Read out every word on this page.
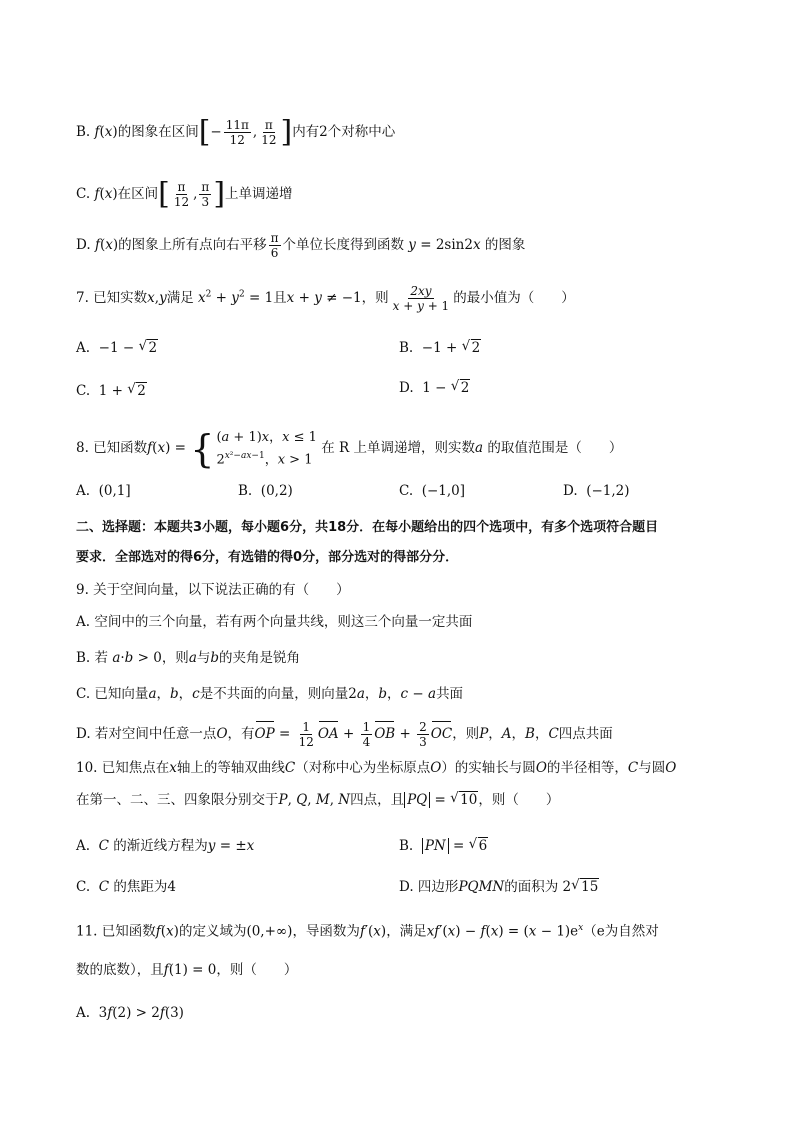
B. f(x)的图象在区间[− $\frac{11\pi}{12}$ , $\frac{\pi}{12}$ ]内有2个对称中心
C. f(x)在区间[ $\frac{\pi}{12}$ , $\frac{\pi}{3}$ ]上单调递增
D. f(x)的图象上所有点向右平移 $\frac{\pi}{6}$ 个单位长度得到函数 y = 2sin2x 的图象
7. 已知实数x,y满足 $x^2 + y^2 = 1$且x + y ≠ −1，则 $\frac{2xy}{x + y + 1}$ 的最小值为（　　）
A.  −1 − √ 2	B.  −1 + √ 2
C.  1 + √ 2	D.  1 − √ 2
8. 已知函数f(x) = { (a + 1)x，x ≤ 1
$2^{x^2-ax-1}$，x > 1
在 R 上单调递增，则实数a 的取值范围是（　　）
A.  (0,1]	B.  (0,2)	C.  (−1,0]	D.  (−1,2)
二、选择题：本题共3小题，每小题6分，共18分．在每小题给出的四个选项中，有多个选项符合题目
要求．全部选对的得6分，有选错的得0分，部分选对的得部分分．
9. 关于空间向量，以下说法正确的有（　　）
A. 空间中的三个向量，若有两个向量共线，则这三个向量一定共面
B. 若 a·b > 0，则a与b的夹角是锐角
C. 已知向量a，b，c是不共面的向量，则向量2a，b，c − a共面
D. 若对空间中任意一点O，有OP = $\frac{1}{12}$ OA + $\frac{1}{4}$ OB + $\frac{2}{3}$ OC，则P，A，B，C四点共面
10. 已知焦点在x轴上的等轴双曲线C（对称中心为坐标原点O）的实轴长与圆O的半径相等，C与圆O
在第一、二、三、四象限分别交于P, Q, M, N四点，且 PQ = √ 10，则（　　）
A. C 的渐近线方程为y = ±x	B. PN = √ 6
C. C 的焦距为4	D. 四边形PQMN的面积为 2√ 15
11. 已知函数f(x)的定义域为(0,+∞)，导函数为f′(x)，满足$xf'(x) - f(x) = (x - 1)e^x(e$为自然对
数的底数），且f(1) = 0，则（　　）
A.  3f(2) > 2f(3)
